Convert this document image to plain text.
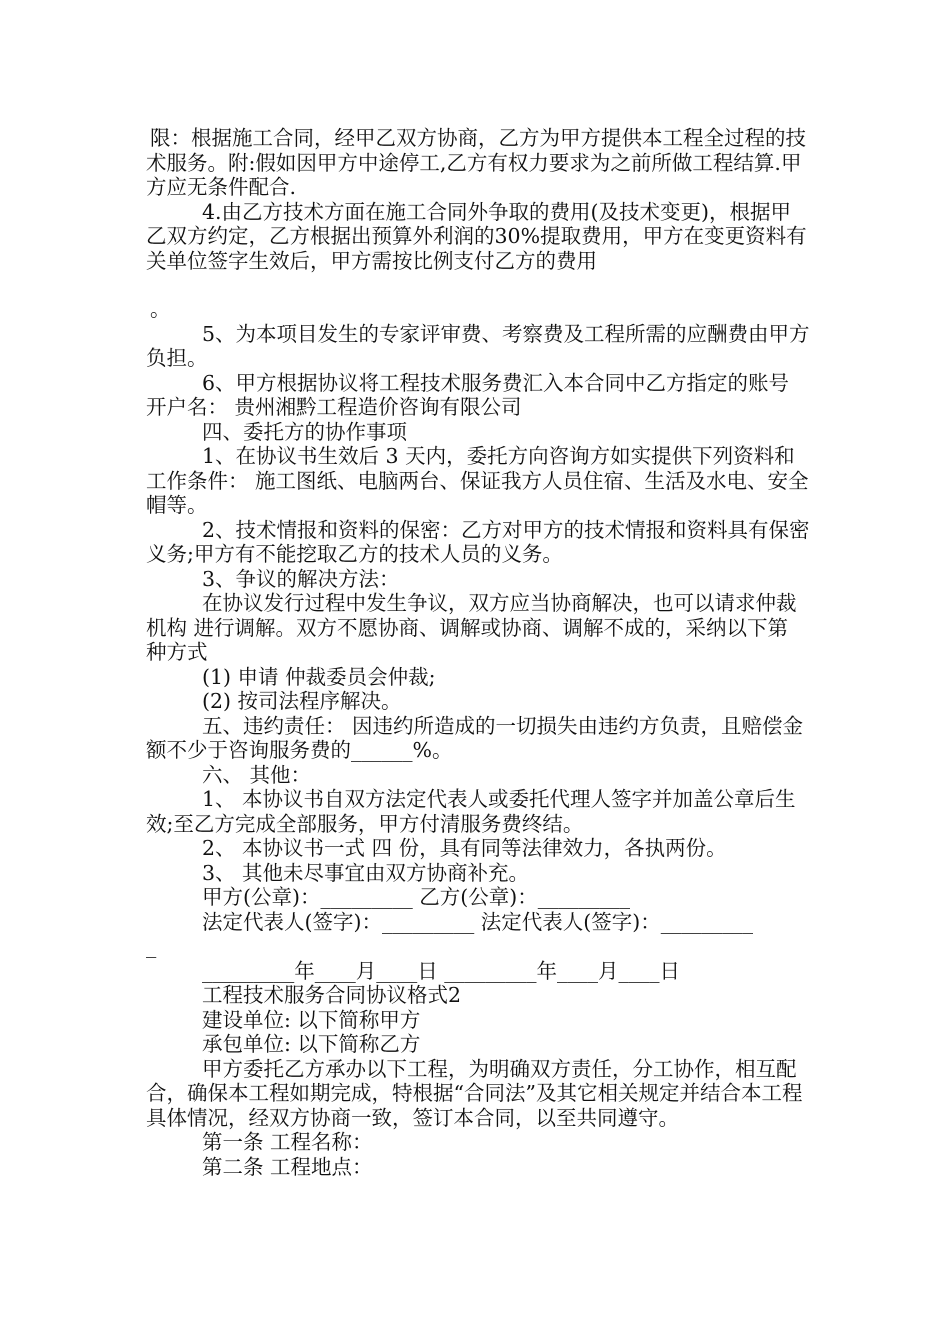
限：根据施工合同，经甲乙双方协商，乙方为甲方提供本工程全过程的技术服务。附:假如因甲方中途停工,乙方有权力要求为之前所做工程结算.甲方应无条件配合.

4.由乙方技术方面在施工合同外争取的费用(及技术变更)，根据甲乙双方约定，乙方根据出预算外利润的30%提取费用，甲方在变更资料有关单位签字生效后，甲方需按比例支付乙方的费用

。

5、为本项目发生的专家评审费、考察费及工程所需的应酬费由甲方负担。

6、甲方根据协议将工程技术服务费汇入本合同中乙方指定的账号 开户名： 贵州湘黔工程造价咨询有限公司

四、委托方的协作事项

1、在协议书生效后 3 天内，委托方向咨询方如实提供下列资料和工作条件： 施工图纸、电脑两台、保证我方人员住宿、生活及水电、安全帽等。

2、技术情报和资料的保密：乙方对甲方的技术情报和资料具有保密义务;甲方有不能挖取乙方的技术人员的义务。

3、争议的解决方法：

在协议发行过程中发生争议，双方应当协商解决，也可以请求仲裁机构 进行调解。双方不愿协商、调解或协商、调解不成的，采纳以下第 种方式

(1) 申请 仲裁委员会仲裁;

(2) 按司法程序解决。

五、违约责任： 因违约所造成的一切损失由违约方负责，且赔偿金额不少于咨询服务费的______%。

六、 其他：

1、 本协议书自双方法定代表人或委托代理人签字并加盖公章后生效;至乙方完成全部服务，甲方付清服务费终结。

2、 本协议书一式 四 份，具有同等法律效力，各执两份。

3、 其他未尽事宜由双方协商补充。

甲方(公章)：_________ 乙方(公章)：_________

法定代表人(签字)：_________ 法定代表人(签字)：_________

_

_________年____月____日 _________年____月____日

工程技术服务合同协议格式2

建设单位: 以下简称甲方

承包单位: 以下简称乙方

甲方委托乙方承办以下工程，为明确双方责任，分工协作，相互配合，确保本工程如期完成，特根据“合同法”及其它相关规定并结合本工程具体情况，经双方协商一致，签订本合同，以至共同遵守。

第一条 工程名称：

第二条 工程地点：
